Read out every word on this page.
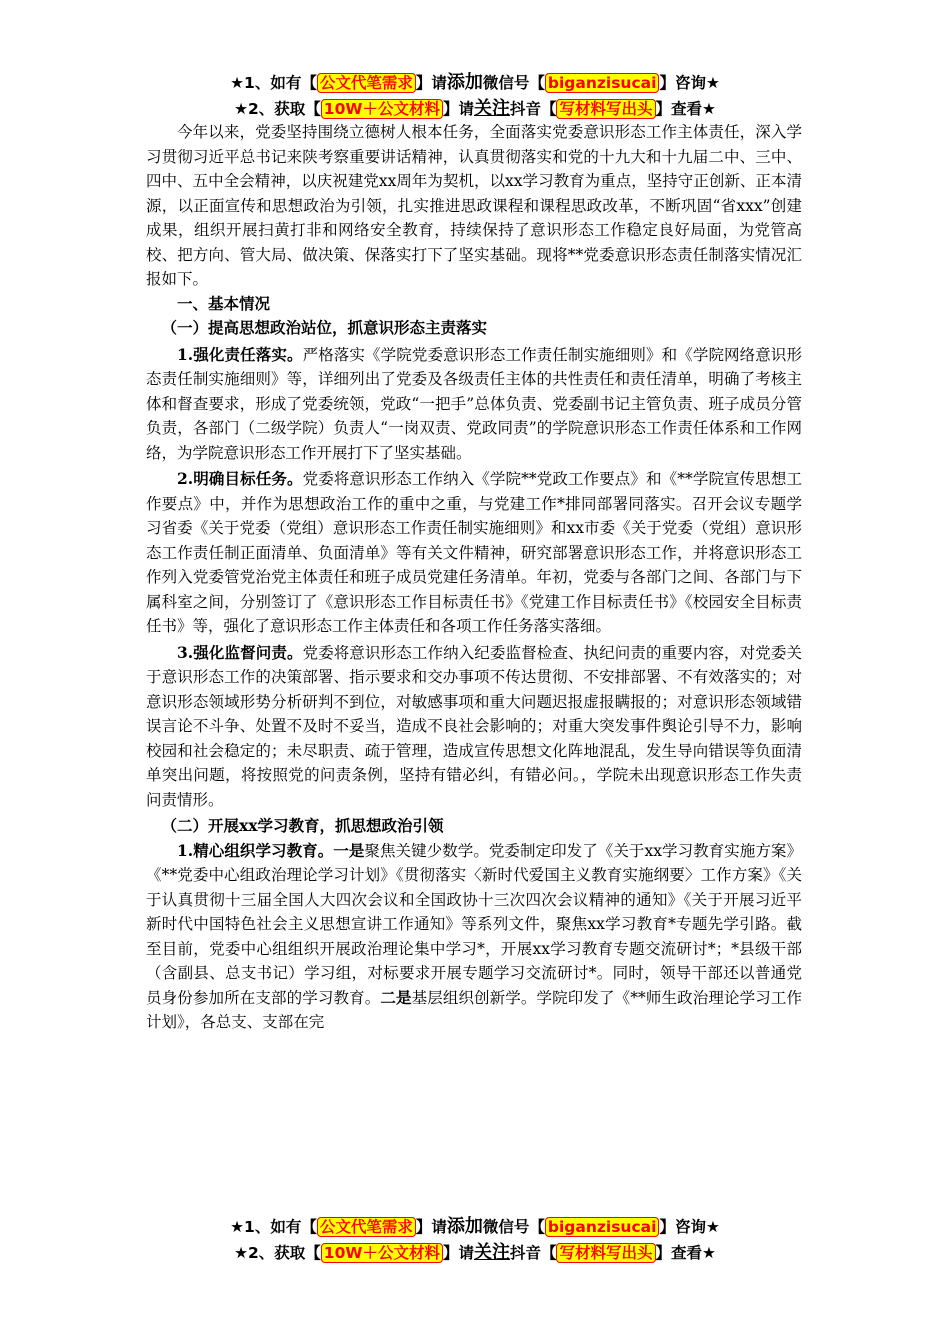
★1、如有【 公文代笔需求 】请添加微信号【 biganzisucai 】咨询★
★2、获取【 10W＋公文材料 】请关注抖音【 写材料写出头 】查看★

今年以来，党委坚持围绕立德树人根本任务，全面落实党委意识形态工作主体责任，深入学习贯彻习近平总书记来陕考察重要讲话精神，认真贯彻落实和党的十九大和十九届二中、三中、四中、五中全会精神，以庆祝建党xx周年为契机，以xx学习教育为重点，坚持守正创新、正本清源，以正面宣传和思想政治为引领，扎实推进思政课程和课程思政改革，不断巩固“省xxx”创建成果，组织开展扫黄打非和网络安全教育，持续保持了意识形态工作稳定良好局面，为党管高校、把方向、管大局、做决策、保落实打下了坚实基础。现将**党委意识形态责任制落实情况汇报如下。

一、基本情况

（一）提高思想政治站位，抓意识形态主责落实

1.强化责任落实。严格落实《学院党委意识形态工作责任制实施细则》和《学院网络意识形态责任制实施细则》等，详细列出了党委及各级责任主体的共性责任和责任清单，明确了考核主体和督查要求，形成了党委统领，党政“一把手”总体负责、党委副书记主管负责、班子成员分管负责，各部门（二级学院）负责人“一岗双责、党政同责”的学院意识形态工作责任体系和工作网络，为学院意识形态工作开展打下了坚实基础。

2.明确目标任务。党委将意识形态工作纳入《学院**党政工作要点》和《**学院宣传思想工作要点》中，并作为思想政治工作的重中之重，与党建工作*排同部署同落实。召开会议专题学习省委《关于党委（党组）意识形态工作责任制实施细则》和xx市委《关于党委（党组）意识形态工作责任制正面清单、负面清单》等有关文件精神，研究部署意识形态工作，并将意识形态工作列入党委管党治党主体责任和班子成员党建任务清单。年初，党委与各部门之间、各部门与下属科室之间，分别签订了《意识形态工作目标责任书》《党建工作目标责任书》《校园安全目标责任书》等，强化了意识形态工作主体责任和各项工作任务落实落细。

3.强化监督问责。党委将意识形态工作纳入纪委监督检查、执纪问责的重要内容，对党委关于意识形态工作的决策部署、指示要求和交办事项不传达贯彻、不安排部署、不有效落实的；对意识形态领域形势分析研判不到位，对敏感事项和重大问题迟报虚报瞒报的；对意识形态领域错误言论不斗争、处置不及时不妥当，造成不良社会影响的；对重大突发事件舆论引导不力，影响校园和社会稳定的；未尽职责、疏于管理，造成宣传思想文化阵地混乱，发生导向错误等负面清单突出问题，将按照党的问责条例，坚持有错必纠，有错必问。，学院未出现意识形态工作失责问责情形。

（二）开展xx学习教育，抓思想政治引领

1.精心组织学习教育。一是聚焦关键少数学。党委制定印发了《关于xx学习教育实施方案》《**党委中心组政治理论学习计划》《贯彻落实〈新时代爱国主义教育实施纲要〉工作方案》《关于认真贯彻十三届全国人大四次会议和全国政协十三次四次会议精神的通知》《关于开展习近平新时代中国特色社会主义思想宣讲工作通知》等系列文件，聚焦xx学习教育*专题先学引路。截至目前，党委中心组组织开展政治理论集中学习*，开展xx学习教育专题交流研讨*；*县级干部（含副县、总支书记）学习组，对标要求开展专题学习交流研讨*。同时，领导干部还以普通党员身份参加所在支部的学习教育。二是基层组织创新学。学院印发了《**师生政治理论学习工作计划》，各总支、支部在完

★1、如有【 公文代笔需求 】请添加微信号【 biganzisucai 】咨询★
★2、获取【 10W＋公文材料 】请关注抖音【 写材料写出头 】查看★
